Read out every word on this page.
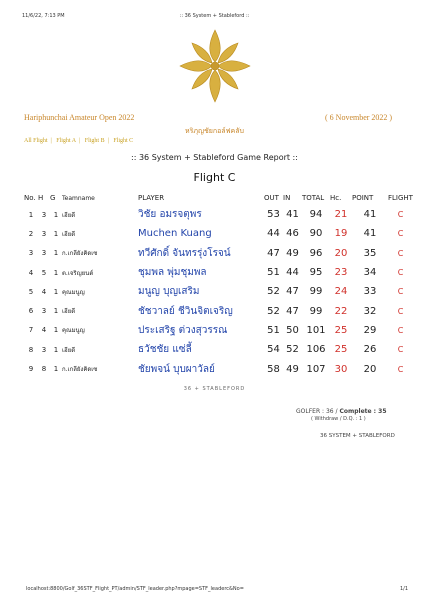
11/6/22, 7:13 PM	:: 36 System + Stableford ::
Hariphunchai Amateur Open 2022	( 6 November 2022 )
หริภุญชัยกอล์ฟคลับ
All Flight | Flight A | Flight B | Flight C
:: 36 System + Stableford Game Report ::
Flight C
No.	H	G	Teamname	PLAYER	OUT	IN	TOTAL	Hc.	POINT	FLIGHT
1	3	1	เฮียดี	วิชัย อมรจตุพร	53	41	94	21	41	C
2	3	1	เฮียดี	Muchen Kuang	44	46	90	19	41	C
3	3	1	ก.เกลียังคิดเซ	ทวีศักดิ์ จันทรรุ่งโรจน์	47	49	96	20	35	C
4	5	1	ต.เจริญยนต์	ชุมพล พุ่มชุมพล	51	44	95	23	34	C
5	4	1	คุณมนูญ	มนูญ บุญเสริม	52	47	99	24	33	C
6	3	1	เฮียดี	ชัชวาลย์ ชีวินจิตเจริญ	52	47	99	22	32	C
7	4	1	คุณมนูญ	ประเสริฐ ต่วงสุวรรณ	51	50	101	25	29	C
8	3	1	เฮียดี	ธวัชชัย แซ่ลี้	54	52	106	25	26	C
9	8	1	ก.เกลียังคิดเซ	ชัยพจน์ บุบผาวัลย์	58	49	107	30	20	C
36 + STABLEFORD
GOLFER : 36 / Complete : 35
( Withdraw / D.Q. : 1 )
36 SYSTEM + STABLEFORD
localhost:8800/Golf_36STF_Flight_PT/admin/STF_leader.php?mpage=STF_leaderc&No=	1/1
